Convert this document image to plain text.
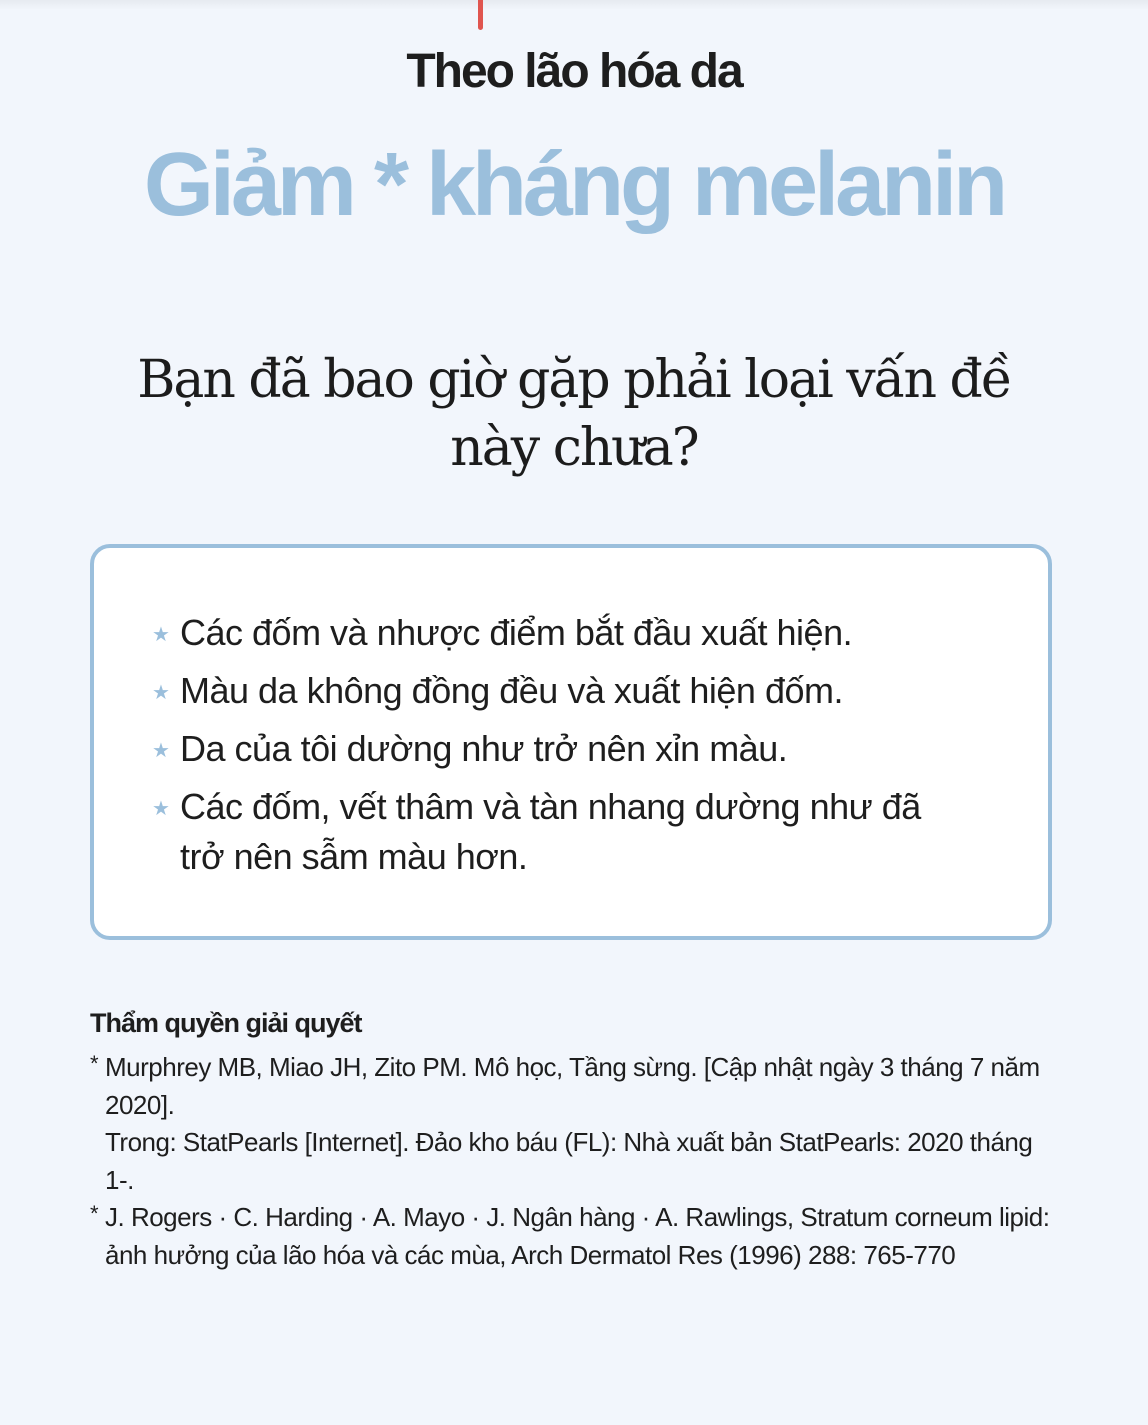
Theo lão hóa da
Giảm * kháng melanin
Bạn đã bao giờ gặp phải loại vấn đề này chưa?
★ Các đốm và nhược điểm bắt đầu xuất hiện.
★ Màu da không đồng đều và xuất hiện đốm.
★ Da của tôi dường như trở nên xỉn màu.
★ Các đốm, vết thâm và tàn nhang dường như đã trở nên sẫm màu hơn.
Thẩm quyền giải quyết
* Murphrey MB, Miao JH, Zito PM. Mô học, Tầng sừng. [Cập nhật ngày 3 tháng 7 năm 2020].
Trong: StatPearls [Internet]. Đảo kho báu (FL): Nhà xuất bản StatPearls: 2020 tháng 1-.
* J. Rogers · C. Harding · A. Mayo · J. Ngân hàng · A. Rawlings, Stratum corneum lipid: ảnh hưởng của lão hóa và các mùa, Arch Dermatol Res (1996) 288: 765-770
